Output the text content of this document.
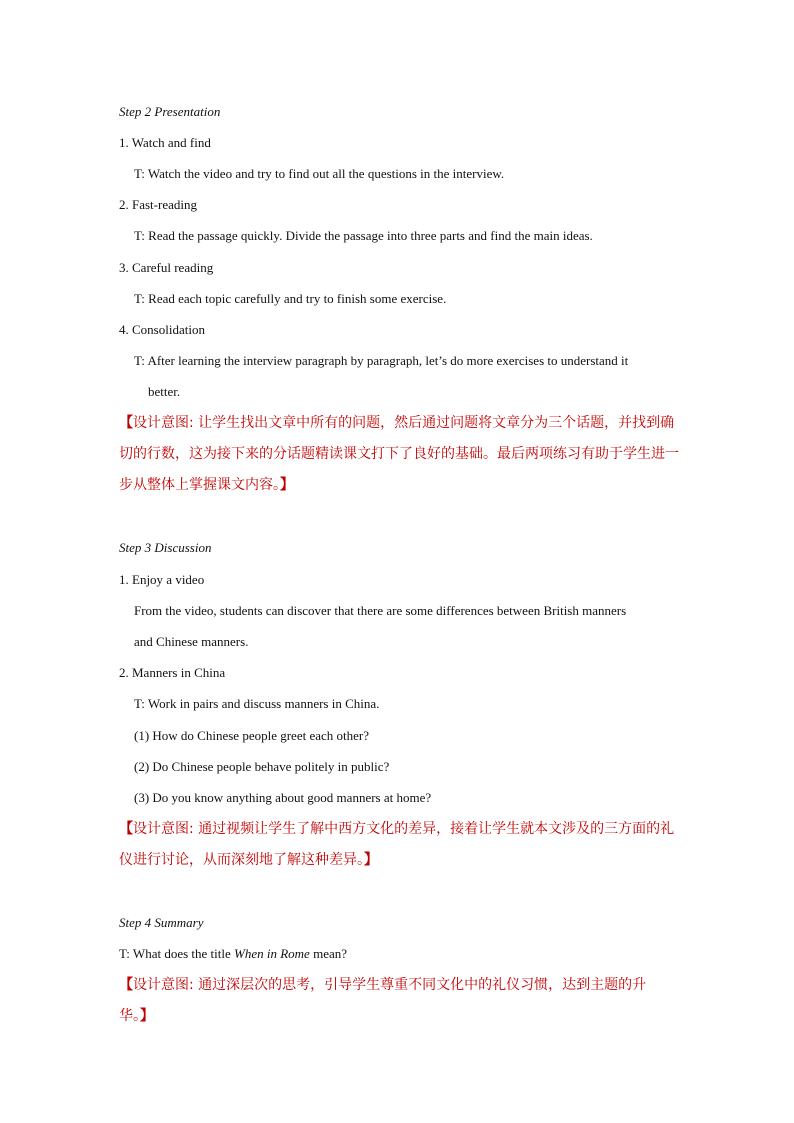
Step 2 Presentation
1. Watch and find
T: Watch the video and try to find out all the questions in the interview.
2. Fast-reading
T: Read the passage quickly. Divide the passage into three parts and find the main ideas.
3. Careful reading
T: Read each topic carefully and try to finish some exercise.
4. Consolidation
T: After learning the interview paragraph by paragraph, let’s do more exercises to understand it
better.
【设计意图: 让学生找出文章中所有的问题，然后通过问题将文章分为三个话题，并找到确切的行数，这为接下来的分话题精读课文打下了良好的基础。最后两项练习有助于学生进一步从整体上掌握课文内容。】
Step 3 Discussion
1. Enjoy a video
From the video, students can discover that there are some differences between British manners
and Chinese manners.
2. Manners in China
T: Work in pairs and discuss manners in China.
(1) How do Chinese people greet each other?
(2) Do Chinese people behave politely in public?
(3) Do you know anything about good manners at home?
【设计意图: 通过视频让学生了解中西方文化的差异，接着让学生就本文涉及的三方面的礼仪进行讨论，从而深刻地了解这种差异。】
Step 4 Summary
T: What does the title When in Rome mean?
【设计意图: 通过深层次的思考，引导学生尊重不同文化中的礼仪习惯，达到主题的升华。】
